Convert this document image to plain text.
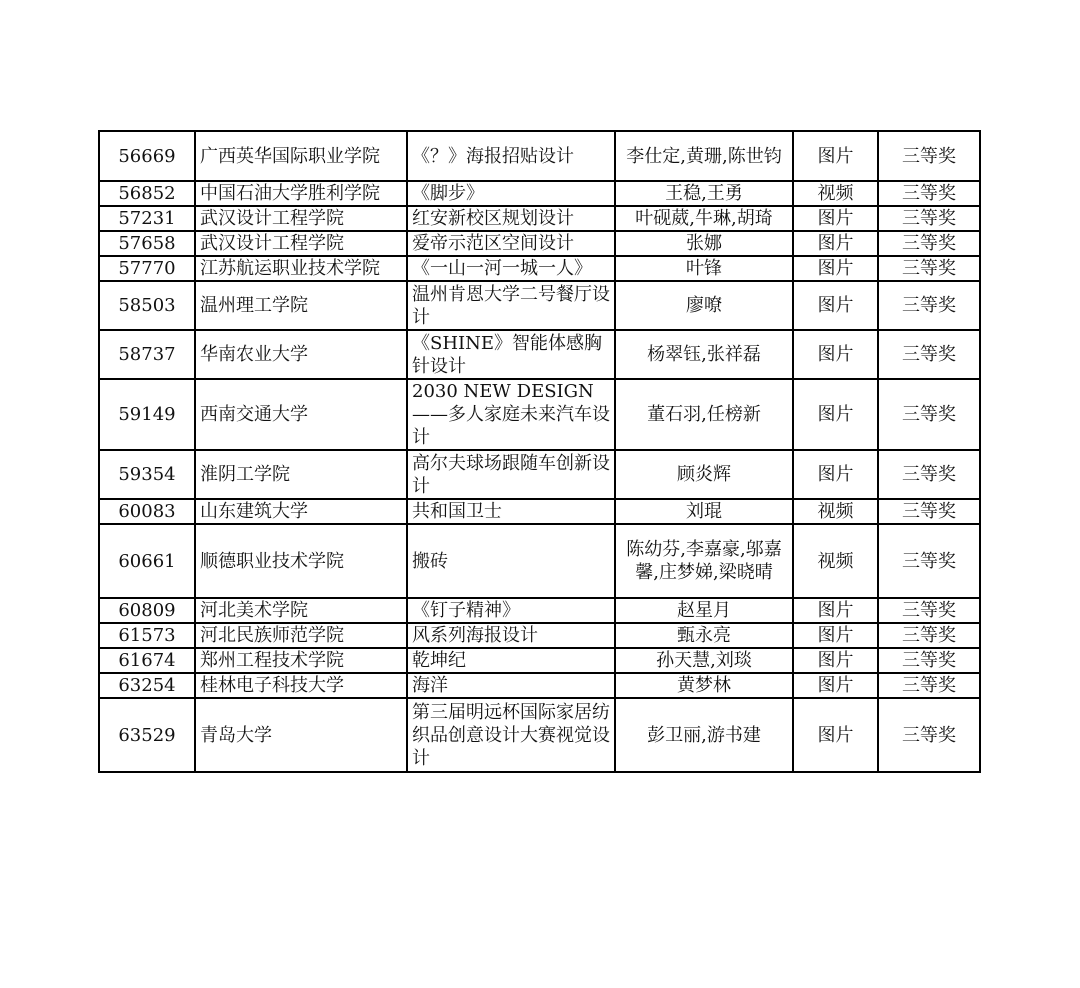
56669	广西英华国际职业学院	《？》海报招贴设计	李仕定,黄珊,陈世钧	图片	三等奖
56852	中国石油大学胜利学院	《脚步》	王稳,王勇	视频	三等奖
57231	武汉设计工程学院	红安新校区规划设计	叶砚葳,牛琳,胡琦	图片	三等奖
57658	武汉设计工程学院	爱帝示范区空间设计	张娜	图片	三等奖
57770	江苏航运职业技术学院	《一山一河一城一人》	叶锋	图片	三等奖
58503	温州理工学院	温州肯恩大学二号餐厅设计	廖嘹	图片	三等奖
58737	华南农业大学	《SHINE》智能体感胸针设计	杨翠钰,张祥磊	图片	三等奖
59149	西南交通大学	2030 NEW DESIGN——多人家庭未来汽车设计	董石羽,任榜新	图片	三等奖
59354	淮阴工学院	高尔夫球场跟随车创新设计	顾炎辉	图片	三等奖
60083	山东建筑大学	共和国卫士	刘琨	视频	三等奖
60661	顺德职业技术学院	搬砖	陈幼芬,李嘉豪,邬嘉馨,庄梦娣,梁晓晴	视频	三等奖
60809	河北美术学院	《钉子精神》	赵星月	图片	三等奖
61573	河北民族师范学院	风系列海报设计	甄永亮	图片	三等奖
61674	郑州工程技术学院	乾坤纪	孙天慧,刘琰	图片	三等奖
63254	桂林电子科技大学	海洋	黄梦林	图片	三等奖
63529	青岛大学	第三届明远杯国际家居纺织品创意设计大赛视觉设计	彭卫丽,游书建	图片	三等奖
